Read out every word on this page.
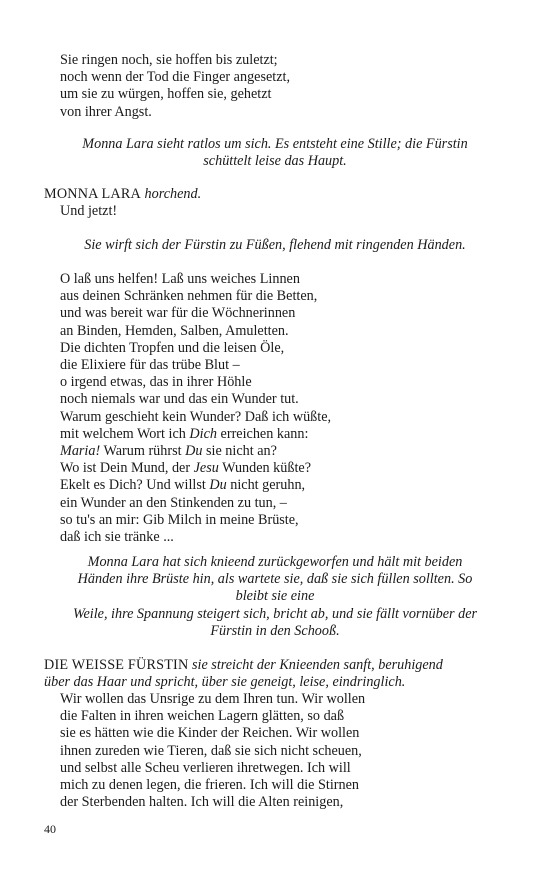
Sie ringen noch, sie hoffen bis zuletzt;
noch wenn der Tod die Finger angesetzt,
um sie zu würgen, hoffen sie, gehetzt
von ihrer Angst.
Monna Lara sieht ratlos um sich. Es entsteht eine Stille; die Fürstin
schüttelt leise das Haupt.
MONNA LARA horchend.
Und jetzt!
Sie wirft sich der Fürstin zu Füßen, flehend mit ringenden Händen.
O laß uns helfen! Laß uns weiches Linnen
aus deinen Schränken nehmen für die Betten,
und was bereit war für die Wöchnerinnen
an Binden, Hemden, Salben, Amuletten.
Die dichten Tropfen und die leisen Öle,
die Elixiere für das trübe Blut –
o irgend etwas, das in ihrer Höhle
noch niemals war und das ein Wunder tut.
Warum geschieht kein Wunder? Daß ich wüßte,
mit welchem Wort ich Dich erreichen kann:
Maria! Warum rührst Du sie nicht an?
Wo ist Dein Mund, der Jesu Wunden küßte?
Ekelt es Dich? Und willst Du nicht geruhn,
ein Wunder an den Stinkenden zu tun, –
so tu's an mir: Gib Milch in meine Brüste,
daß ich sie tränke ...
Monna Lara hat sich knieend zurückgeworfen und hält mit beiden
Händen ihre Brüste hin, als wartete sie, daß sie sich füllen sollten. So
bleibt sie eine
Weile, ihre Spannung steigert sich, bricht ab, und sie fällt vornüber der
Fürstin in den Schooß.
DIE WEISSE FÜRSTIN sie streicht der Knieenden sanft, beruhigend
über das Haar und spricht, über sie geneigt, leise, eindringlich.
Wir wollen das Unsrige zu dem Ihren tun. Wir wollen
die Falten in ihren weichen Lagern glätten, so daß
sie es hätten wie die Kinder der Reichen. Wir wollen
ihnen zureden wie Tieren, daß sie sich nicht scheuen,
und selbst alle Scheu verlieren ihretwegen. Ich will
mich zu denen legen, die frieren. Ich will die Stirnen
der Sterbenden halten. Ich will die Alten reinigen,
40
